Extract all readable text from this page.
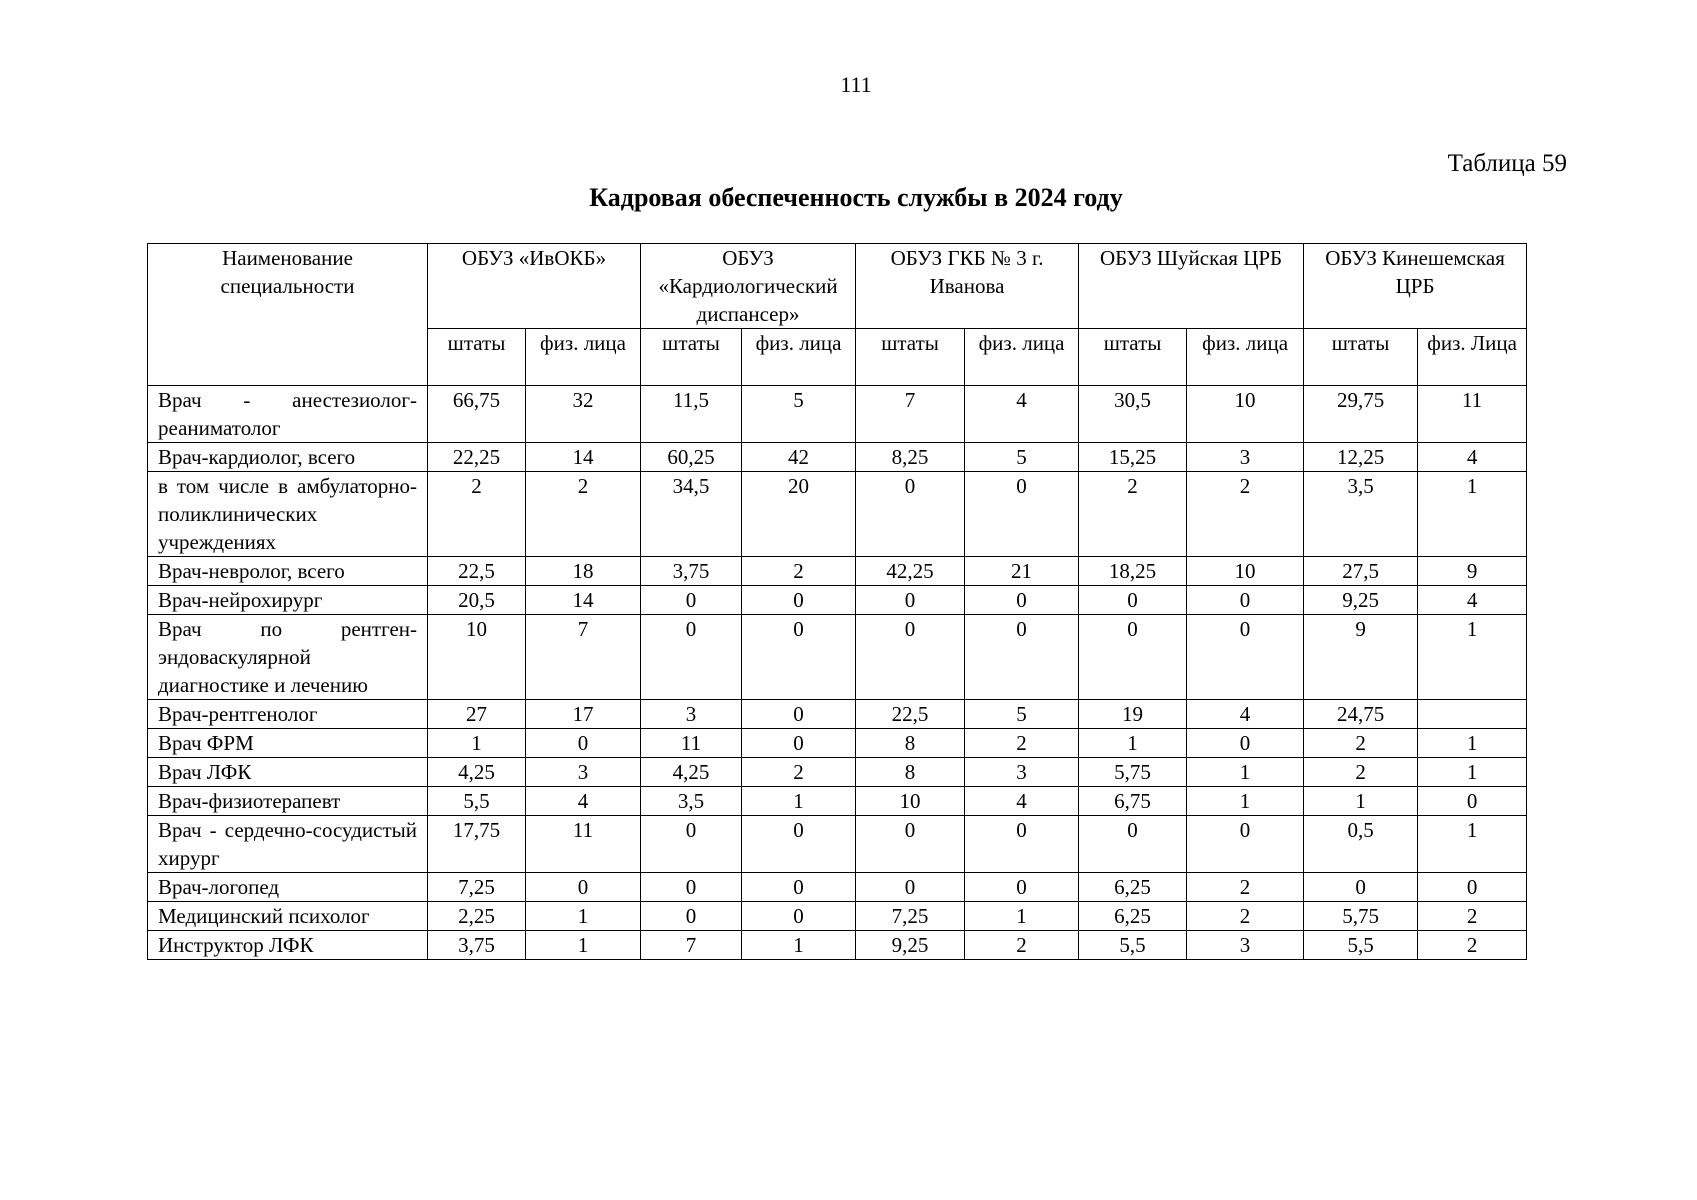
111
Таблица 59
Кадровая обеспеченность службы в 2024 году
Наименование специальности	ОБУЗ «ИвОКБ»		ОБУЗ «Кардиологический диспансер»		ОБУЗ ГКБ № 3 г. Иванова		ОБУЗ Шуйская ЦРБ		ОБУЗ Кинешемская ЦРБ	
	штаты	физ. лица	штаты	физ. лица	штаты	физ. лица	штаты	физ. лица	штаты	физ. Лица
Врач - анестезиолог-реаниматолог	66,75	32	11,5	5	7	4	30,5	10	29,75	11
Врач-кардиолог, всего	22,25	14	60,25	42	8,25	5	15,25	3	12,25	4
в том числе в амбулаторно-поликлинических учреждениях	2	2	34,5	20	0	0	2	2	3,5	1
Врач-невролог, всего	22,5	18	3,75	2	42,25	21	18,25	10	27,5	9
Врач-нейрохирург	20,5	14	0	0	0	0	0	0	9,25	4
Врач по рентген-эндоваскулярной диагностике и лечению	10	7	0	0	0	0	0	0	9	1
Врач-рентгенолог	27	17	3	0	22,5	5	19	4	24,75	
Врач ФРМ	1	0	11	0	8	2	1	0	2	1
Врач ЛФК	4,25	3	4,25	2	8	3	5,75	1	2	1
Врач-физиотерапевт	5,5	4	3,5	1	10	4	6,75	1	1	0
Врач - сердечно-сосудистый хирург	17,75	11	0	0	0	0	0	0	0,5	1
Врач-логопед	7,25	0	0	0	0	0	6,25	2	0	0
Медицинский психолог	2,25	1	0	0	7,25	1	6,25	2	5,75	2
Инструктор ЛФК	3,75	1	7	1	9,25	2	5,5	3	5,5	2
